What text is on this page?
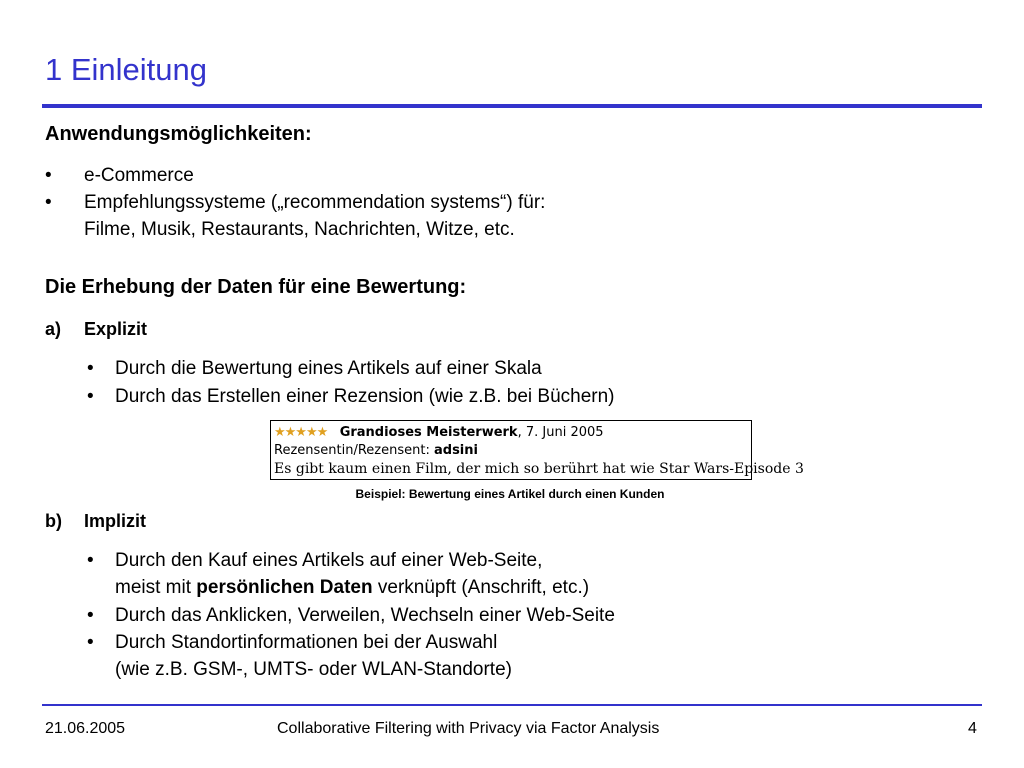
1 Einleitung
Anwendungsmöglichkeiten:
• e-Commerce
• Empfehlungssysteme („recommendation systems“) für:
Filme, Musik, Restaurants, Nachrichten, Witze, etc.
Die Erhebung der Daten für eine Bewertung:
a) Explizit
• Durch die Bewertung eines Artikels auf einer Skala
• Durch das Erstellen einer Rezension (wie z.B. bei Büchern)
★★★★★ Grandioses Meisterwerk, 7. Juni 2005
Rezensentin/Rezensent: adsini
Es gibt kaum einen Film, der mich so berührt hat wie Star Wars-Episode 3
Beispiel: Bewertung eines Artikel durch einen Kunden
b) Implizit
• Durch den Kauf eines Artikels auf einer Web-Seite,
meist mit persönlichen Daten verknüpft (Anschrift, etc.)
• Durch das Anklicken, Verweilen, Wechseln einer Web-Seite
• Durch Standortinformationen bei der Auswahl
(wie z.B. GSM-, UMTS- oder WLAN-Standorte)
21.06.2005	Collaborative Filtering with Privacy via Factor Analysis	4
